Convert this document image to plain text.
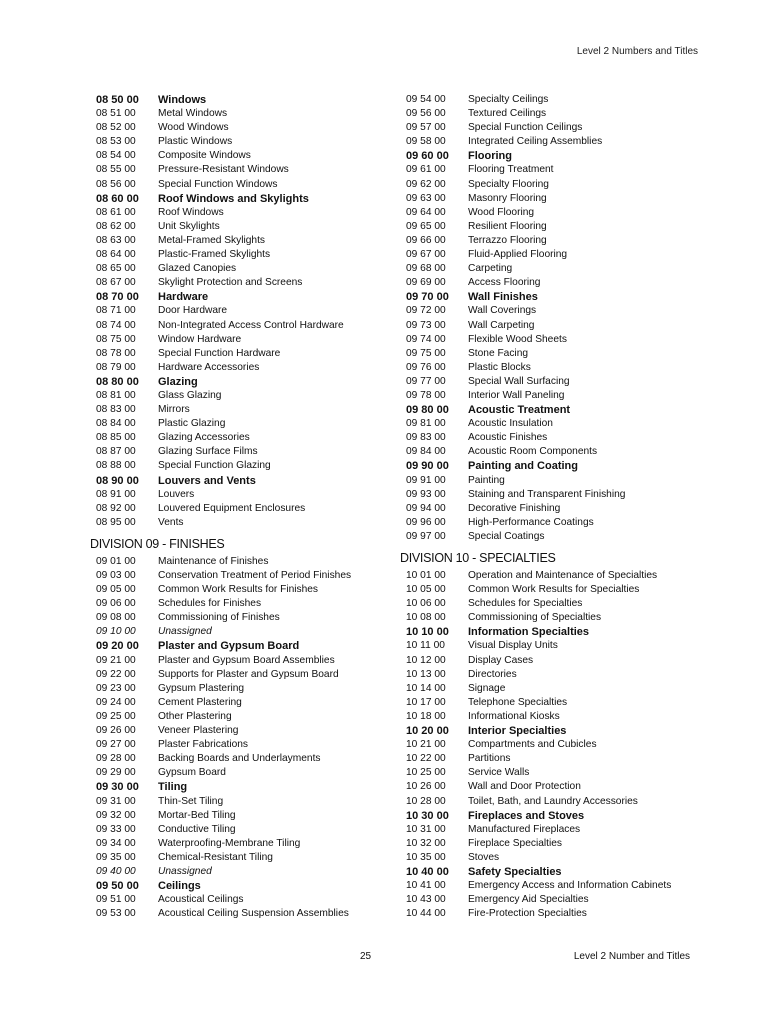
Level 2 Numbers and Titles
08 50 00 Windows
08 51 00 Metal Windows
08 52 00 Wood Windows
08 53 00 Plastic Windows
08 54 00 Composite Windows
08 55 00 Pressure-Resistant Windows
08 56 00 Special Function Windows
08 60 00 Roof Windows and Skylights
08 61 00 Roof Windows
08 62 00 Unit Skylights
08 63 00 Metal-Framed Skylights
08 64 00 Plastic-Framed Skylights
08 65 00 Glazed Canopies
08 67 00 Skylight Protection and Screens
08 70 00 Hardware
08 71 00 Door Hardware
08 74 00 Non-Integrated Access Control Hardware
08 75 00 Window Hardware
08 78 00 Special Function Hardware
08 79 00 Hardware Accessories
08 80 00 Glazing
08 81 00 Glass Glazing
08 83 00 Mirrors
08 84 00 Plastic Glazing
08 85 00 Glazing Accessories
08 87 00 Glazing Surface Films
08 88 00 Special Function Glazing
08 90 00 Louvers and Vents
08 91 00 Louvers
08 92 00 Louvered Equipment Enclosures
08 95 00 Vents
DIVISION 09 - FINISHES
09 01 00 Maintenance of Finishes
09 03 00 Conservation Treatment of Period Finishes
09 05 00 Common Work Results for Finishes
09 06 00 Schedules for Finishes
09 08 00 Commissioning of Finishes
09 10 00 Unassigned
09 20 00 Plaster and Gypsum Board
09 21 00 Plaster and Gypsum Board Assemblies
09 22 00 Supports for Plaster and Gypsum Board
09 23 00 Gypsum Plastering
09 24 00 Cement Plastering
09 25 00 Other Plastering
09 26 00 Veneer Plastering
09 27 00 Plaster Fabrications
09 28 00 Backing Boards and Underlayments
09 29 00 Gypsum Board
09 30 00 Tiling
09 31 00 Thin-Set Tiling
09 32 00 Mortar-Bed Tiling
09 33 00 Conductive Tiling
09 34 00 Waterproofing-Membrane Tiling
09 35 00 Chemical-Resistant Tiling
09 40 00 Unassigned
09 50 00 Ceilings
09 51 00 Acoustical Ceilings
09 53 00 Acoustical Ceiling Suspension Assemblies
09 54 00 Specialty Ceilings
09 56 00 Textured Ceilings
09 57 00 Special Function Ceilings
09 58 00 Integrated Ceiling Assemblies
09 60 00 Flooring
09 61 00 Flooring Treatment
09 62 00 Specialty Flooring
09 63 00 Masonry Flooring
09 64 00 Wood Flooring
09 65 00 Resilient Flooring
09 66 00 Terrazzo Flooring
09 67 00 Fluid-Applied Flooring
09 68 00 Carpeting
09 69 00 Access Flooring
09 70 00 Wall Finishes
09 72 00 Wall Coverings
09 73 00 Wall Carpeting
09 74 00 Flexible Wood Sheets
09 75 00 Stone Facing
09 76 00 Plastic Blocks
09 77 00 Special Wall Surfacing
09 78 00 Interior Wall Paneling
09 80 00 Acoustic Treatment
09 81 00 Acoustic Insulation
09 83 00 Acoustic Finishes
09 84 00 Acoustic Room Components
09 90 00 Painting and Coating
09 91 00 Painting
09 93 00 Staining and Transparent Finishing
09 94 00 Decorative Finishing
09 96 00 High-Performance Coatings
09 97 00 Special Coatings
DIVISION 10 - SPECIALTIES
10 01 00 Operation and Maintenance of Specialties
10 05 00 Common Work Results for Specialties
10 06 00 Schedules for Specialties
10 08 00 Commissioning of Specialties
10 10 00 Information Specialties
10 11 00 Visual Display Units
10 12 00 Display Cases
10 13 00 Directories
10 14 00 Signage
10 17 00 Telephone Specialties
10 18 00 Informational Kiosks
10 20 00 Interior Specialties
10 21 00 Compartments and Cubicles
10 22 00 Partitions
10 25 00 Service Walls
10 26 00 Wall and Door Protection
10 28 00 Toilet, Bath, and Laundry Accessories
10 30 00 Fireplaces and Stoves
10 31 00 Manufactured Fireplaces
10 32 00 Fireplace Specialties
10 35 00 Stoves
10 40 00 Safety Specialties
10 41 00 Emergency Access and Information Cabinets
10 43 00 Emergency Aid Specialties
10 44 00 Fire-Protection Specialties
25	Level 2 Number and Titles
